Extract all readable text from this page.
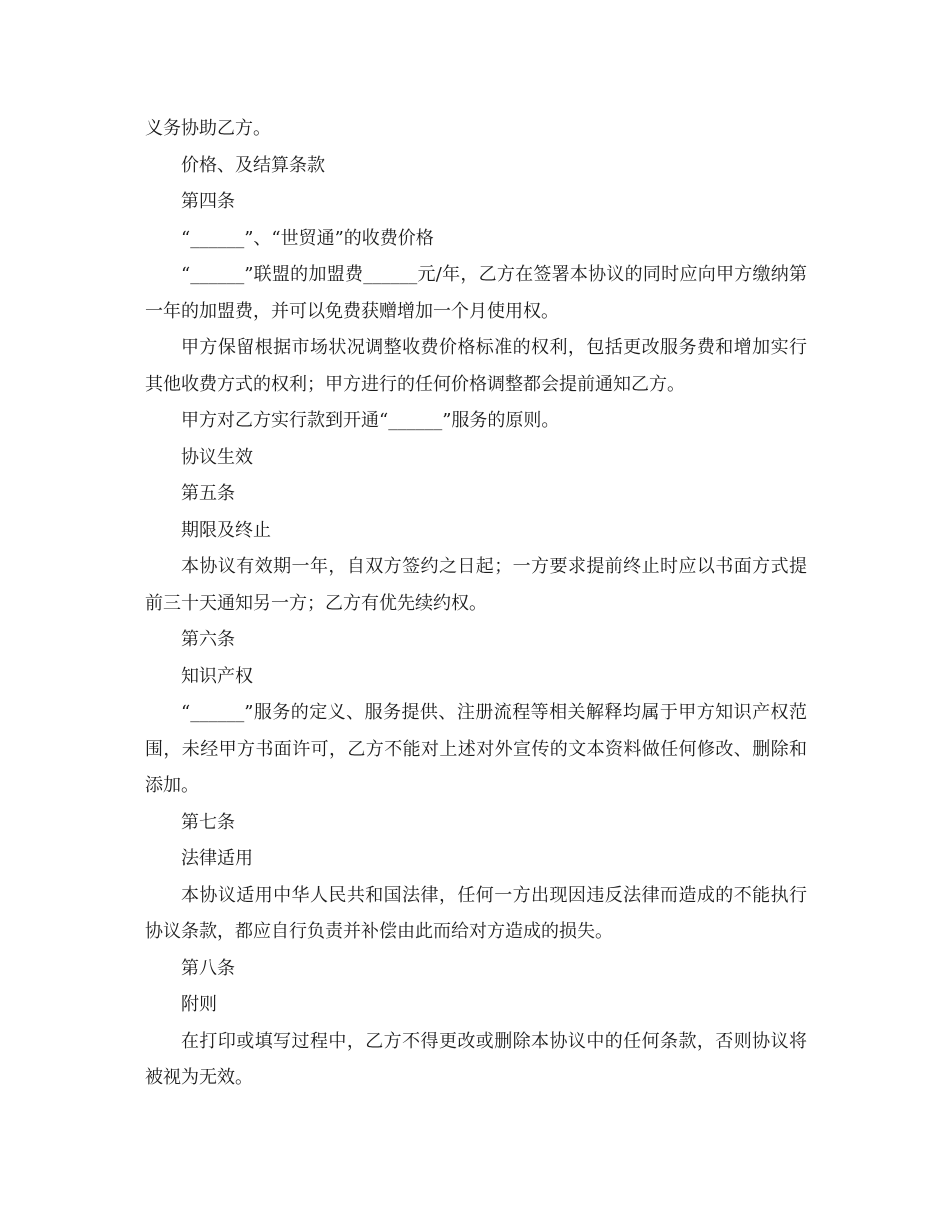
义务协助乙方。

价格、及结算条款

第四条

“______”、“世贸通”的收费价格

“______”联盟的加盟费______元/年，乙方在签署本协议的同时应向甲方缴纳第一年的加盟费，并可以免费获赠增加一个月使用权。

甲方保留根据市场状况调整收费价格标准的权利，包括更改服务费和增加实行其他收费方式的权利；甲方进行的任何价格调整都会提前通知乙方。

甲方对乙方实行款到开通“______”服务的原则。

协议生效

第五条

期限及终止

本协议有效期一年，自双方签约之日起；一方要求提前终止时应以书面方式提前三十天通知另一方；乙方有优先续约权。

第六条

知识产权

“______”服务的定义、服务提供、注册流程等相关解释均属于甲方知识产权范围，未经甲方书面许可，乙方不能对上述对外宣传的文本资料做任何修改、删除和添加。

第七条

法律适用

本协议适用中华人民共和国法律，任何一方出现因违反法律而造成的不能执行协议条款，都应自行负责并补偿由此而给对方造成的损失。

第八条

附则

在打印或填写过程中，乙方不得更改或删除本协议中的任何条款，否则协议将被视为无效。
